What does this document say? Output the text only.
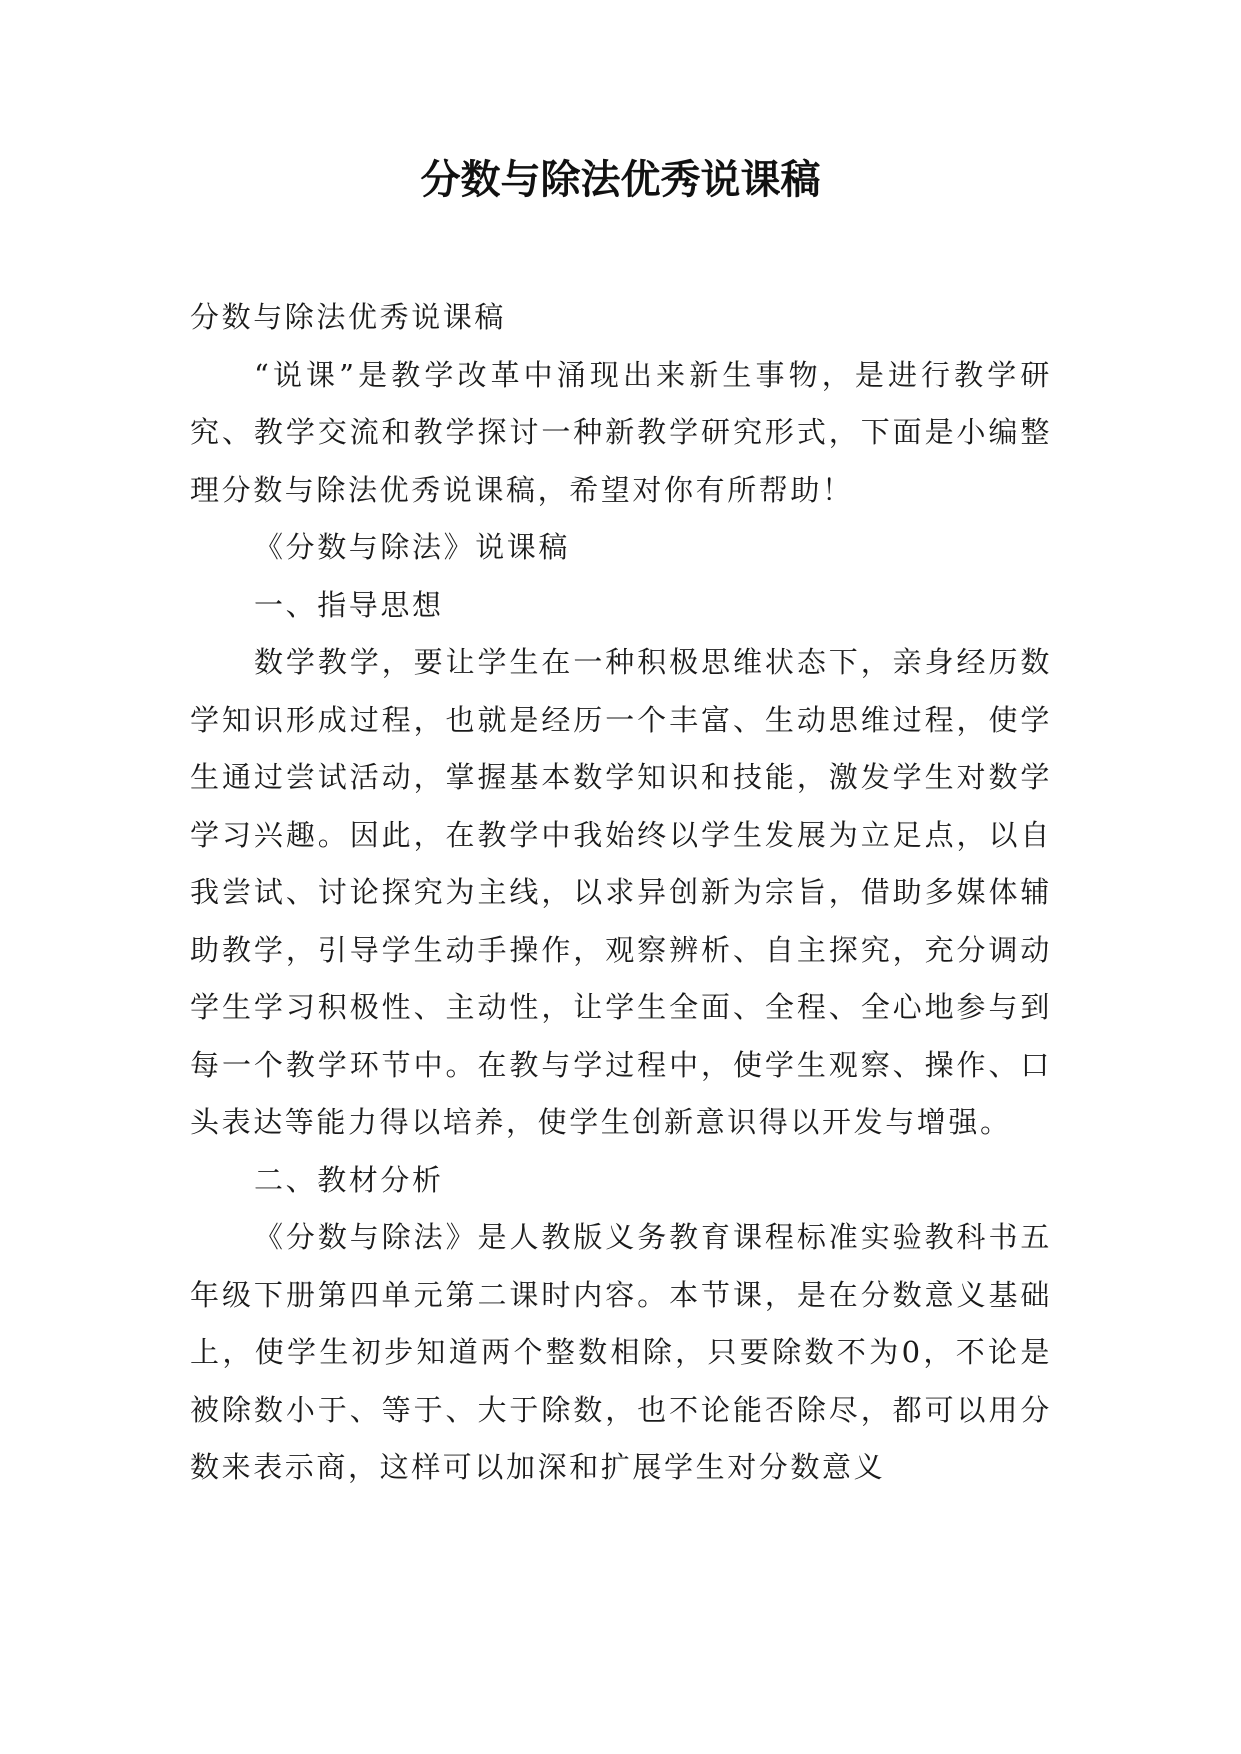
分数与除法优秀说课稿

分数与除法优秀说课稿

“说课”是教学改革中涌现出来新生事物，是进行教学研究、教学交流和教学探讨一种新教学研究形式，下面是小编整理分数与除法优秀说课稿，希望对你有所帮助！

《分数与除法》说课稿

一、指导思想

数学教学，要让学生在一种积极思维状态下，亲身经历数学知识形成过程，也就是经历一个丰富、生动思维过程，使学生通过尝试活动，掌握基本数学知识和技能，激发学生对数学学习兴趣。因此，在教学中我始终以学生发展为立足点，以自我尝试、讨论探究为主线，以求异创新为宗旨，借助多媒体辅助教学，引导学生动手操作，观察辨析、自主探究，充分调动学生学习积极性、主动性，让学生全面、全程、全心地参与到每一个教学环节中。在教与学过程中，使学生观察、操作、口头表达等能力得以培养，使学生创新意识得以开发与增强。

二、教材分析

《分数与除法》是人教版义务教育课程标准实验教科书五年级下册第四单元第二课时内容。本节课，是在分数意义基础上，使学生初步知道两个整数相除，只要除数不为0，不论是被除数小于、等于、大于除数，也不论能否除尽，都可以用分数来表示商，这样可以加深和扩展学生对分数意义
